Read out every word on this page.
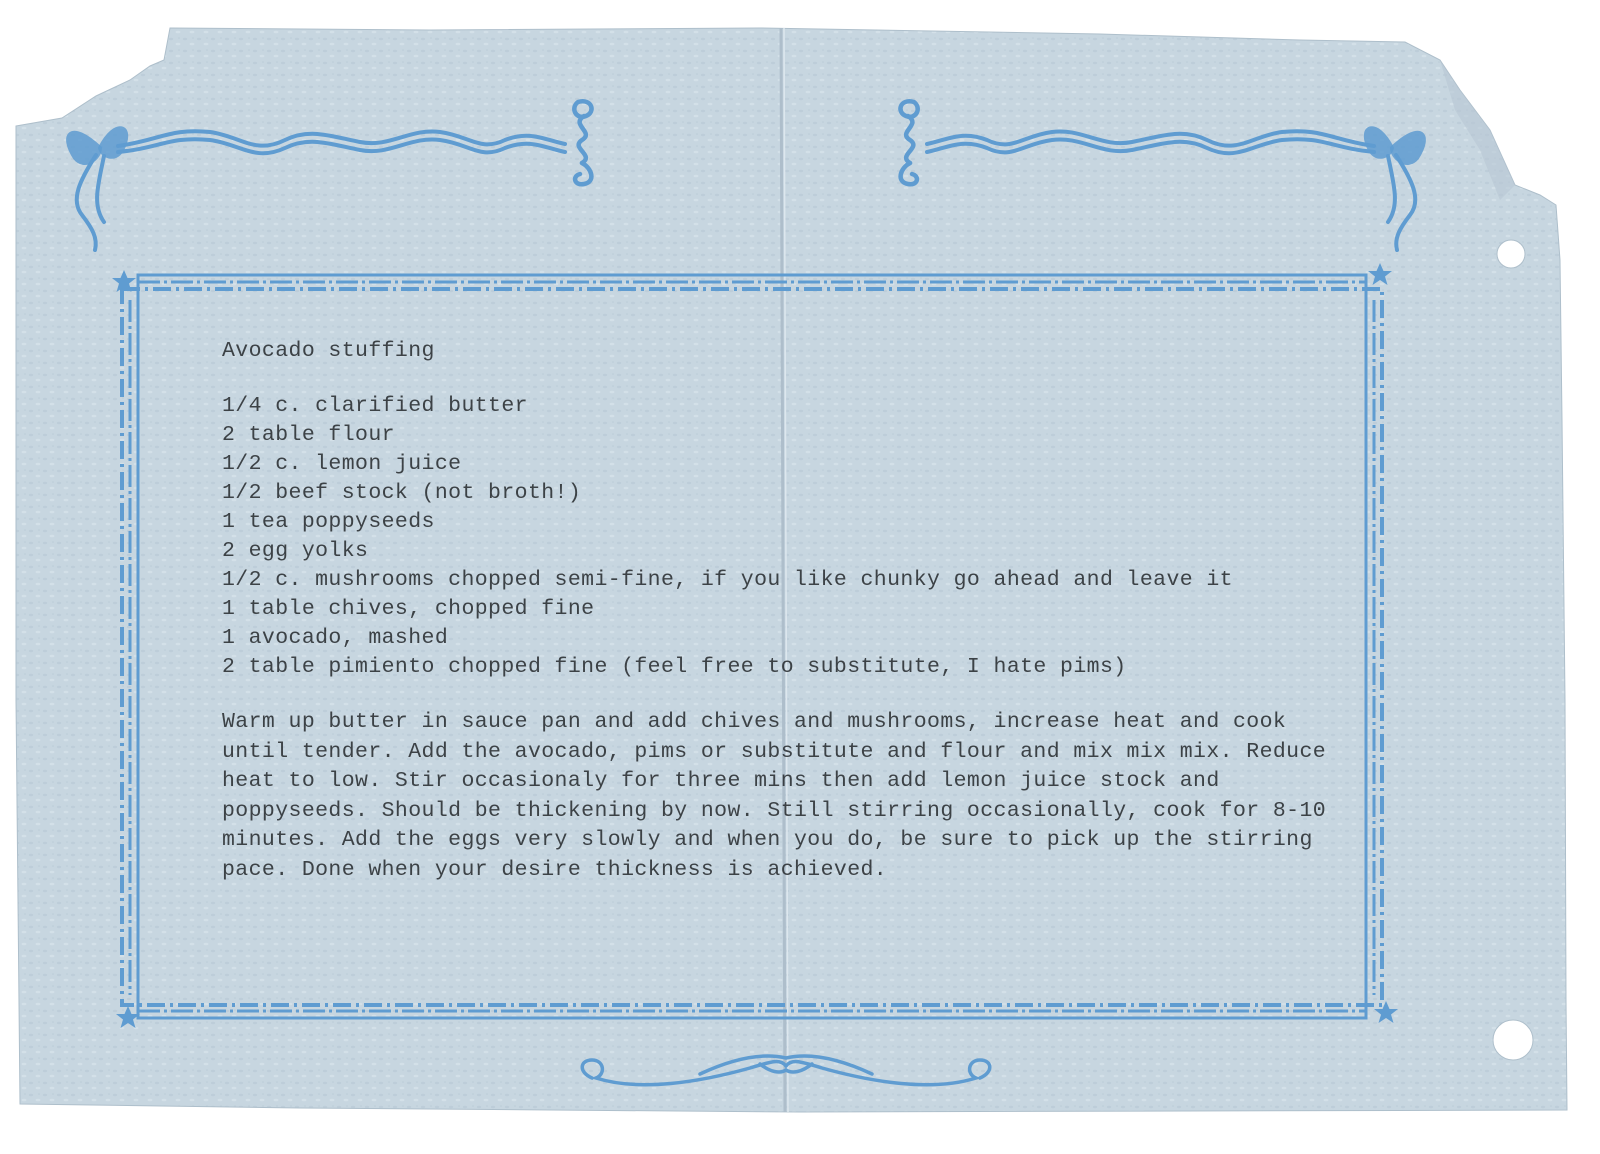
Avocado stuffing
1/4 c. clarified butter
2 table flour
1/2 c. lemon juice
1/2 beef stock (not broth!)
1 tea poppyseeds
2 egg yolks
1/2 c. mushrooms chopped semi-fine, if you like chunky go ahead and leave it
1 table chives, chopped fine
1 avocado, mashed
2 table pimiento chopped fine (feel free to substitute, I hate pims)

Warm up butter in sauce pan and add chives and mushrooms, increase heat and cook until tender. Add the avocado, pims or substitute and flour and mix mix mix. Reduce heat to low. Stir occasionaly for three mins then add lemon juice stock and poppyseeds. Should be thickening by now. Still stirring occasionally, cook for 8-10 minutes. Add the eggs very slowly and when you do, be sure to pick up the stirring pace. Done when your desire thickness is achieved.
